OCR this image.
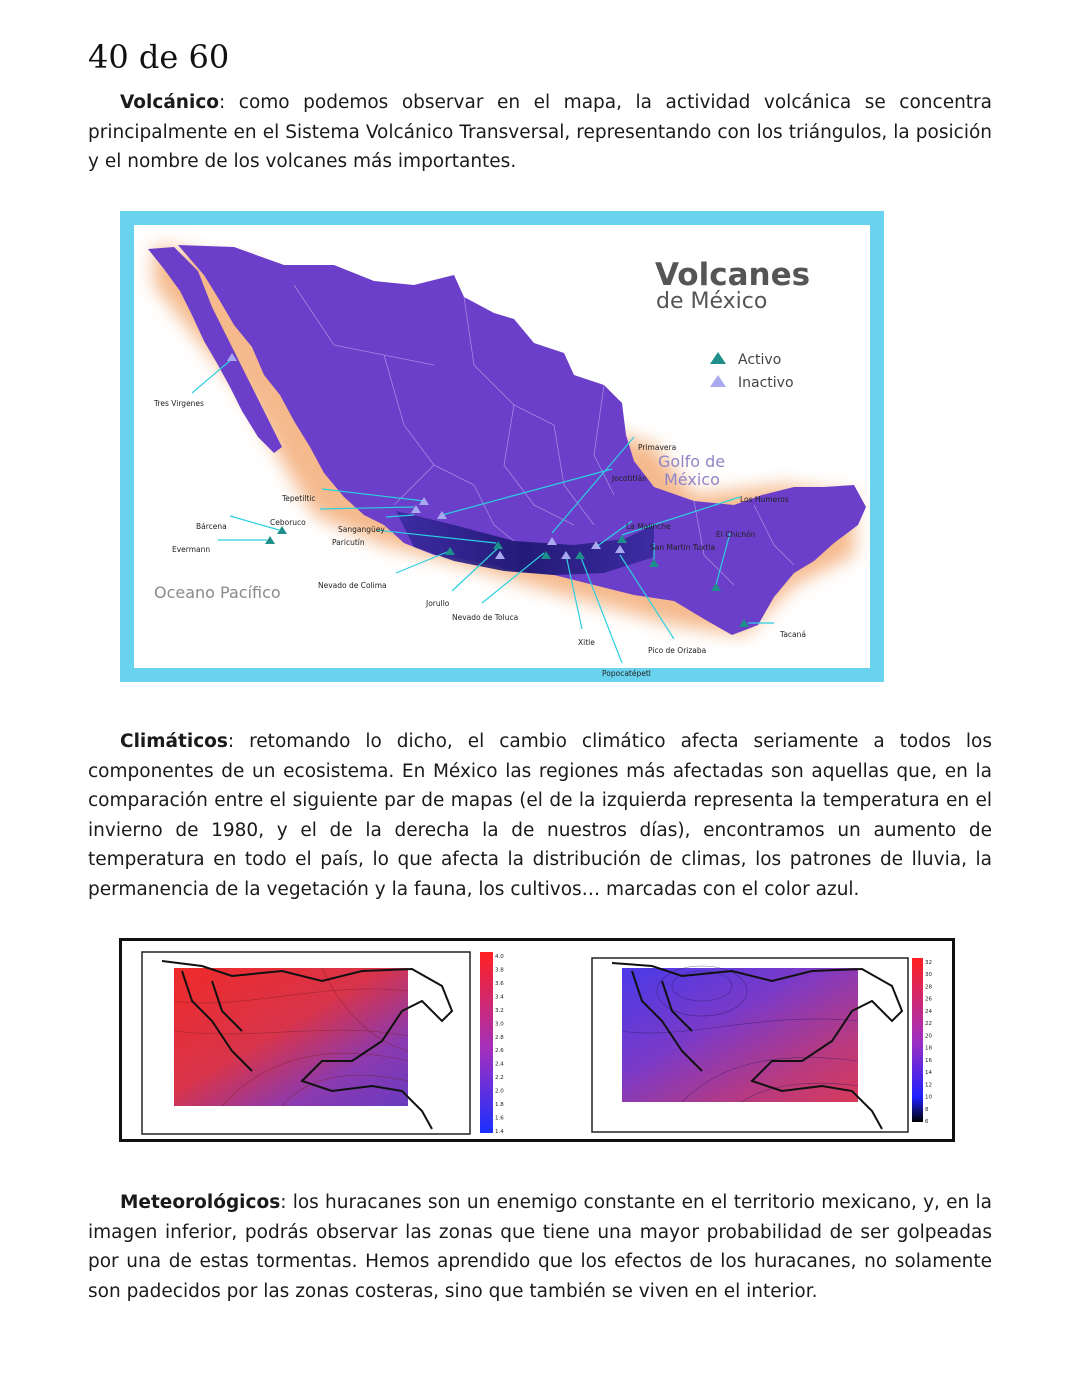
40 de 60
Volcánico: como podemos observar en el mapa, la actividad volcánica se concentra principalmente en el Sistema Volcánico Transversal, representando con los triángulos, la posición y el nombre de los volcanes más importantes.
Volcanes
de México
Activo
Inactivo
Oceano Pacífico
Golfo de
México
Tres Virgenes
Bárcena
Evermann
Tepetiltic
Ceboruco
Sangangüey
Paricutín
Nevado de Colima
Jorullo
Nevado de Toluca
Xitle
Popocatépetl
Pico de Orizaba
La Malinche
Primavera
Jocotitlán
Los Humeros
El Chichón
San Martín Tuxtla
Tacaná
Climáticos: retomando lo dicho, el cambio climático afecta seriamente a todos los componentes de un ecosistema. En México las regiones más afectadas son aquellas que, en la comparación entre el siguiente par de mapas (el de la izquierda representa la temperatura en el invierno de 1980, y el de la derecha la de nuestros días), encontramos un aumento de temperatura en todo el país, lo que afecta la distribución de climas, los patrones de lluvia, la permanencia de la vegetación y la fauna, los cultivos… marcadas con el color azul.
4.0
3.8
3.6
3.4
3.2
3.0
2.8
2.6
2.4
2.2
2.0
1.8
1.6
1.4
32
30
28
26
24
22
20
18
16
14
12
10
8
6
Meteorológicos: los huracanes son un enemigo constante en el territorio mexicano, y, en la imagen inferior, podrás observar las zonas que tiene una mayor probabilidad de ser golpeadas por una de estas tormentas. Hemos aprendido que los efectos de los huracanes, no solamente son padecidos por las zonas costeras, sino que también se viven en el interior.
